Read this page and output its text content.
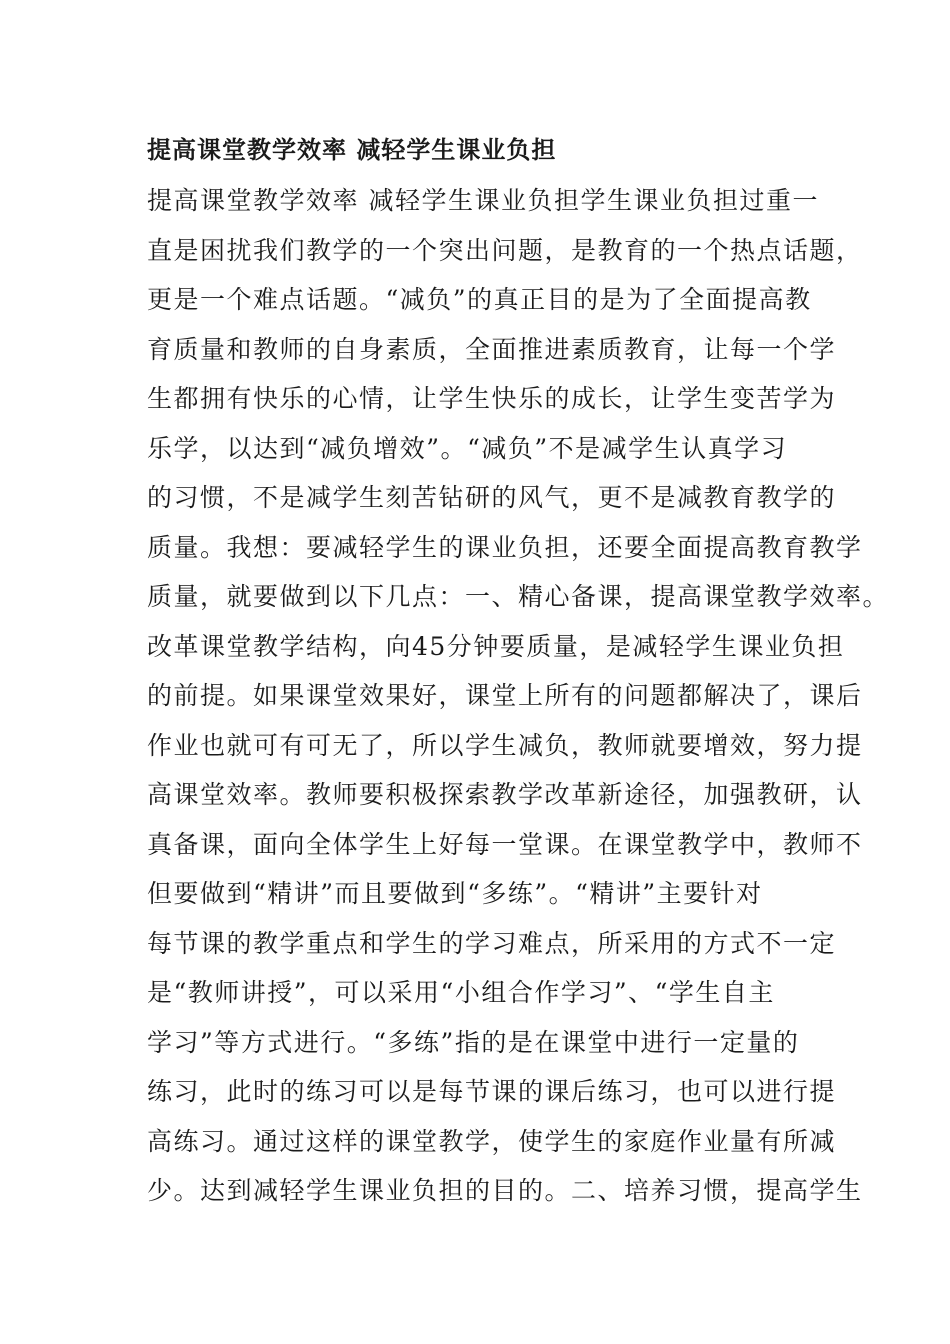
提高课堂教学效率 减轻学生课业负担
提高课堂教学效率 减轻学生课业负担学生课业负担过重一
直是困扰我们教学的一个突出问题，是教育的一个热点话题，
更是一个难点话题。“减负”的真正目的是为了全面提高教
育质量和教师的自身素质，全面推进素质教育，让每一个学
生都拥有快乐的心情，让学生快乐的成长，让学生变苦学为
乐学，以达到“减负增效”。“减负”不是减学生认真学习
的习惯，不是减学生刻苦钻研的风气，更不是减教育教学的
质量。我想：要减轻学生的课业负担，还要全面提高教育教学
质量，就要做到以下几点：一、精心备课，提高课堂教学效率。
改革课堂教学结构，向45分钟要质量，是减轻学生课业负担
的前提。如果课堂效果好，课堂上所有的问题都解决了，课后
作业也就可有可无了，所以学生减负，教师就要增效，努力提
高课堂效率。教师要积极探索教学改革新途径，加强教研，认
真备课，面向全体学生上好每一堂课。在课堂教学中，教师不
但要做到“精讲”而且要做到“多练”。“精讲”主要针对
每节课的教学重点和学生的学习难点，所采用的方式不一定
是“教师讲授”，可以采用“小组合作学习”、“学生自主
学习”等方式进行。“多练”指的是在课堂中进行一定量的
练习，此时的练习可以是每节课的课后练习，也可以进行提
高练习。通过这样的课堂教学，使学生的家庭作业量有所减
少。达到减轻学生课业负担的目的。二、培养习惯，提高学生
